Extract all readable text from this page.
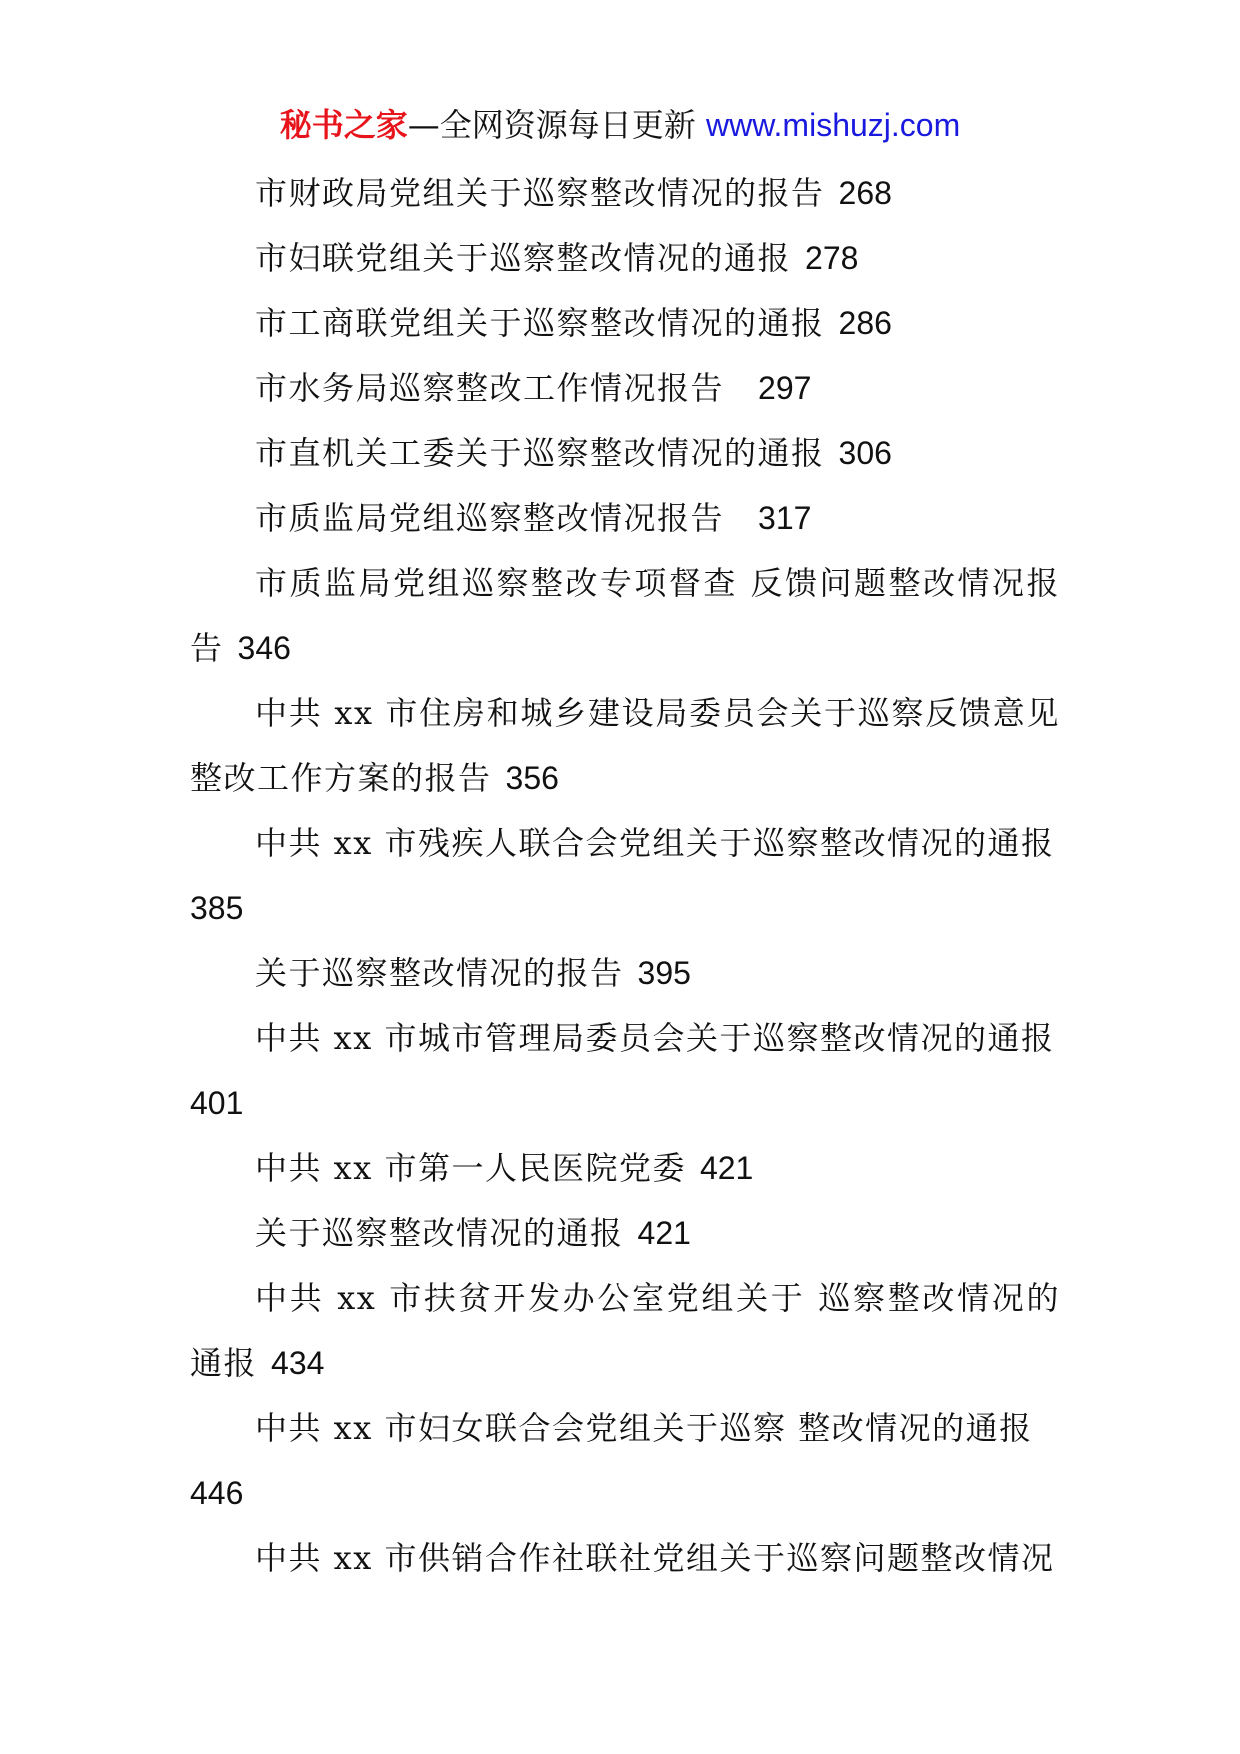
秘书之家—全网资源每日更新 www.mishuzj.com
市财政局党组关于巡察整改情况的报告 268
市妇联党组关于巡察整改情况的通报 278
市工商联党组关于巡察整改情况的通报 286
市水务局巡察整改工作情况报告 297
市直机关工委关于巡察整改情况的通报 306
市质监局党组巡察整改情况报告 317
市质监局党组巡察整改专项督查 反馈问题整改情况报告 346
中共 xx 市住房和城乡建设局委员会关于巡察反馈意见整改工作方案的报告 356
中共 xx 市残疾人联合会党组关于巡察整改情况的通报
385
关于巡察整改情况的报告 395
中共 xx 市城市管理局委员会关于巡察整改情况的通报
401
中共 xx 市第一人民医院党委 421
关于巡察整改情况的通报 421
中共 xx 市扶贫开发办公室党组关于 巡察整改情况的通报 434
中共 xx 市妇女联合会党组关于巡察 整改情况的通报
446
中共 xx 市供销合作社联社党组关于巡察问题整改情况
